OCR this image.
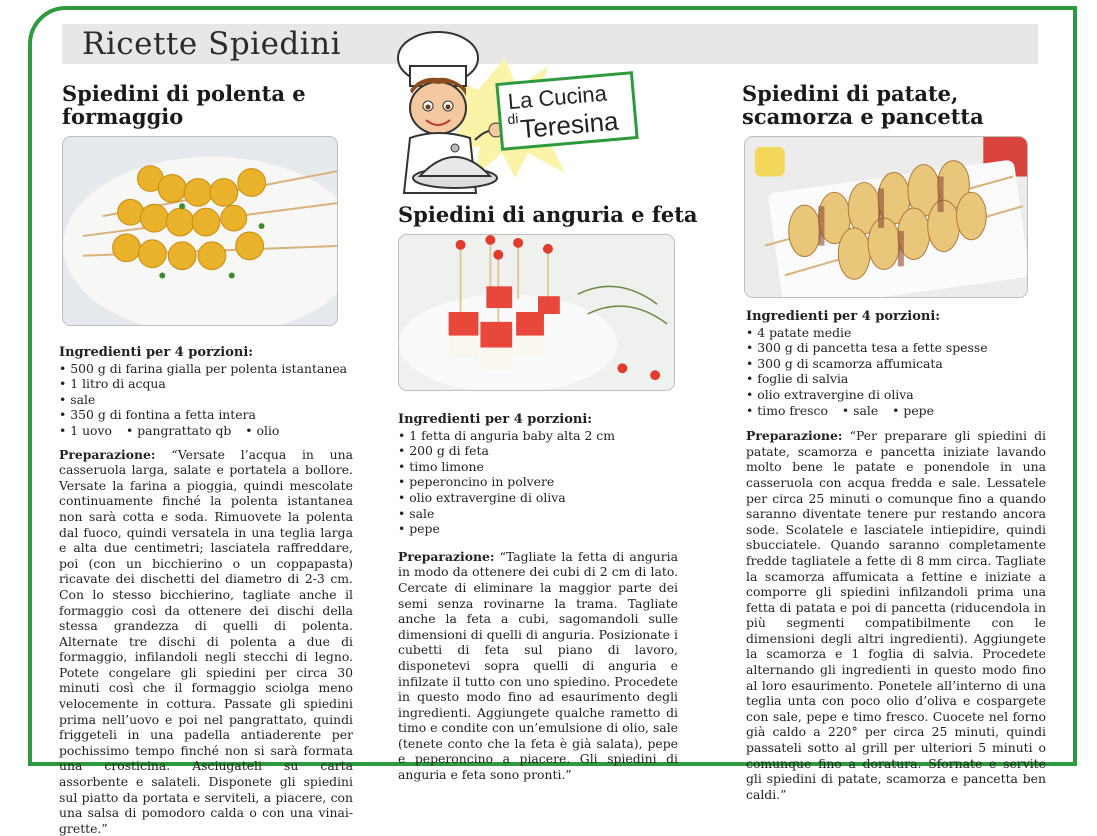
Ricette Spiedini
La Cucina
di Teresina
Spiedini di polenta e
formaggio
Ingredienti per 4 porzioni:
• 500 g di farina gialla per polenta istantanea
• 1 litro di acqua
• sale
• 350 g di fontina a fetta intera
• 1 uovo • pangrattato qb • olio
Preparazione: “Versate l’acqua in una casseruola larga, salate e portatela a bollore. Versate la farina a pioggia, quindi mescolate continuamente finché la polenta istantanea non sarà cotta e soda. Rimuovete la polenta dal fuoco, quindi versatela in una teglia larga e alta due centimetri; lasciatela raffreddare, poi (con un bicchierino o un coppapasta) ricavate dei dischetti del diametro di 2-3 cm. Con lo stesso bicchierino, tagliate anche il formaggio così da ottenere dei dischi della stessa grandezza di quelli di polenta. Alternate tre dischi di polenta a due di formaggio, infilandoli negli stecchi di legno. Potete congelare gli spiedini per circa 30 minuti così che il formaggio sciolga meno velocemente in cottura. Passate gli spiedini prima nell’uovo e poi nel pangrattato, quindi friggeteli in una padella antiaderente per pochissimo tempo finché non si sarà formata una crosticina. Asciugateli su carta assorbente e salateli. Disponete gli spiedini sul piatto da portata e serviteli, a piacere, con una salsa di pomodoro calda o con una vinaigrette.”
Spiedini di anguria e feta
Ingredienti per 4 porzioni:
• 1 fetta di anguria baby alta 2 cm
• 200 g di feta
• timo limone
• peperoncino in polvere
• olio extravergine di oliva
• sale
• pepe
Preparazione: “Tagliate la fetta di anguria in modo da ottenere dei cubi di 2 cm di lato. Cercate di eliminare la maggior parte dei semi senza rovinarne la trama. Tagliate anche la feta a cubi, sagomandoli sulle dimensioni di quelli di anguria. Posizionate i cubetti di feta sul piano di lavoro, disponetevi sopra quelli di anguria e infilzate il tutto con uno spiedino. Procedete in questo modo fino ad esaurimento degli ingredienti. Aggiungete qualche rametto di timo e condite con un’emulsione di olio, sale (tenete conto che la feta è già salata), pepe e peperoncino a piacere. Gli spiedini di anguria e feta sono pronti.”
Spiedini di patate,
scamorza e pancetta
Ingredienti per 4 porzioni:
• 4 patate medie
• 300 g di pancetta tesa a fette spesse
• 300 g di scamorza affumicata
• foglie di salvia
• olio extravergine di oliva
• timo fresco • sale • pepe
Preparazione: “Per preparare gli spiedini di patate, scamorza e pancetta iniziate lavando molto bene le patate e ponendole in una casseruola con acqua fredda e sale. Lessatele per circa 25 minuti o comunque fino a quando saranno diventate tenere pur restando ancora sode. Scolatele e lasciatele intiepidire, quindi sbucciatele. Quando saranno completamente fredde tagliatele a fette di 8 mm circa. Tagliate la scamorza affumicata a fettine e iniziate a comporre gli spiedini infilzandoli prima una fetta di patata e poi di pancetta (riducendola in più segmenti compatibilmente con le dimensioni degli altri ingredienti). Aggiungete la scamorza e 1 foglia di salvia. Procedete alternando gli ingredienti in questo modo fino al loro esaurimento. Ponetele all’interno di una teglia unta con poco olio d’oliva e cospargete con sale, pepe e timo fresco. Cuocete nel forno già caldo a 220° per circa 25 minuti, quindi passateli sotto al grill per ulteriori 5 minuti o comunque fino a doratura. Sfornate e servite gli spiedini di patate, scamorza e pancetta ben caldi.”
